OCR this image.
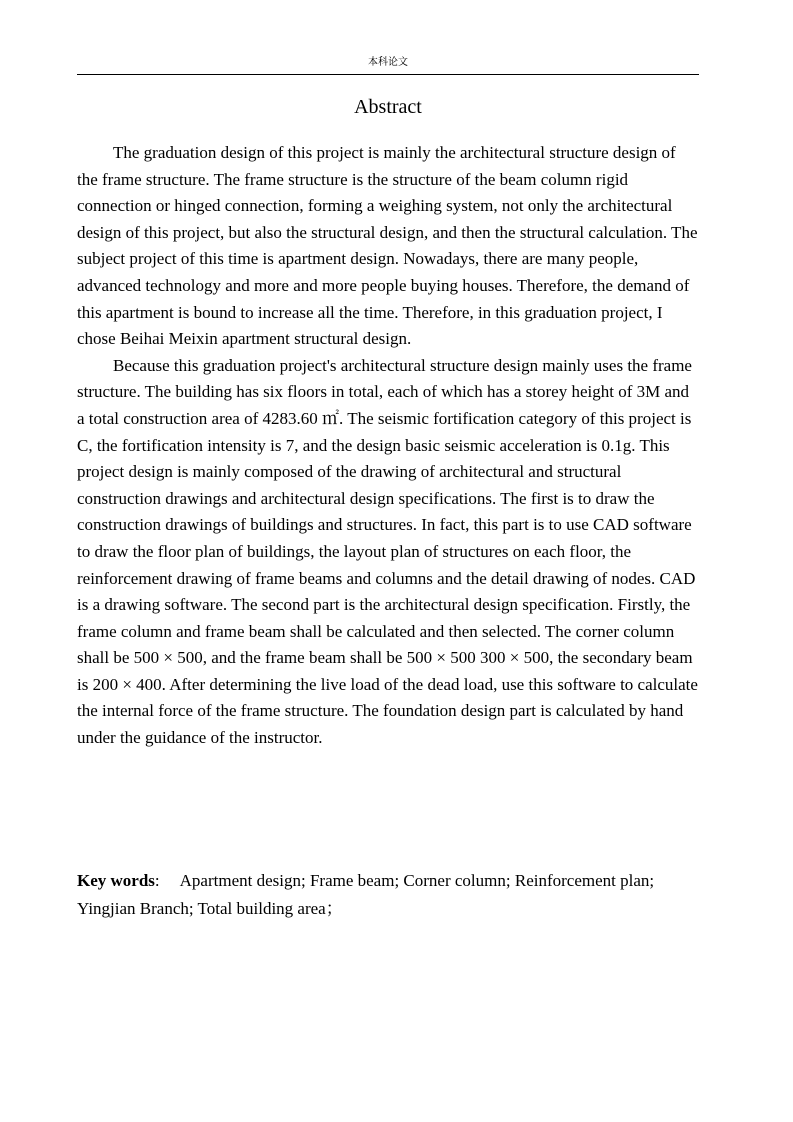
本科论文
Abstract

The graduation design of this project is mainly the architectural structure design of the frame structure. The frame structure is the structure of the beam column rigid connection or hinged connection, forming a weighing system, not only the architectural design of this project, but also the structural design, and then the structural calculation. The subject project of this time is apartment design. Nowadays, there are many people, advanced technology and more and more people buying houses. Therefore, the demand of this apartment is bound to increase all the time. Therefore, in this graduation project, I chose Beihai Meixin apartment structural design.

Because this graduation project's architectural structure design mainly uses the frame structure. The building has six floors in total, each of which has a storey height of 3M and a total construction area of 4283.60 ㎡. The seismic fortification category of this project is C, the fortification intensity is 7, and the design basic seismic acceleration is 0.1g. This project design is mainly composed of the drawing of architectural and structural construction drawings and architectural design specifications. The first is to draw the construction drawings of buildings and structures. In fact, this part is to use CAD software to draw the floor plan of buildings, the layout plan of structures on each floor, the reinforcement drawing of frame beams and columns and the detail drawing of nodes. CAD is a drawing software. The second part is the architectural design specification. Firstly, the frame column and frame beam shall be calculated and then selected. The corner column shall be 500 × 500, and the frame beam shall be 500 × 500 300 × 500, the secondary beam is 200 × 400. After determining the live load of the dead load, use this software to calculate the internal force of the frame structure. The foundation design part is calculated by hand under the guidance of the instructor.

Key words: Apartment design; Frame beam; Corner column; Reinforcement plan; Yingjian Branch; Total building area；
